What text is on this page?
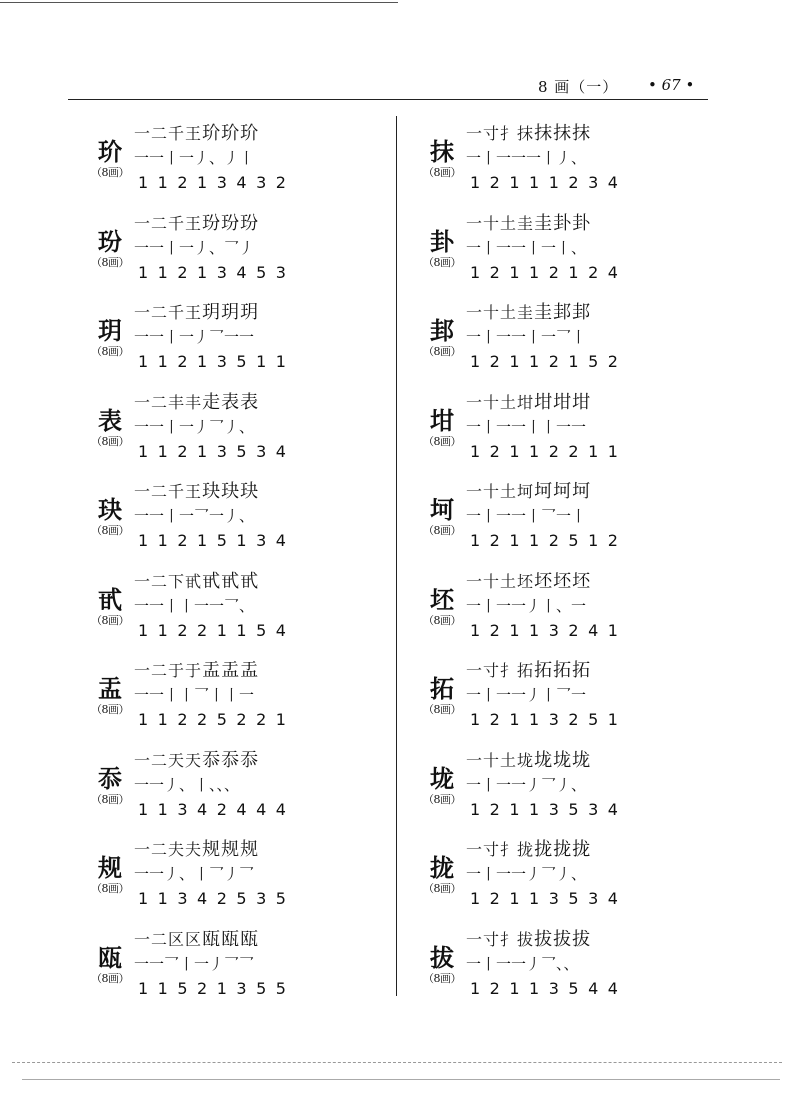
8 画（一） • 67 •
玠
（8画）
一二千王玠玠玠
一一丨一丿、丿丨
11213432
玢
（8画）
一二千王玢玢玢
一一丨一丿、乛丿
11213453
玥
（8画）
一二千王玥玥玥
一一丨一丿乛一一
11213511
表
（8画）
一二丰丰走表表
一一丨一丿乛丿、
11213534
玦
（8画）
一二千王玦玦玦
一一丨一乛一丿、
11215134
甙
（8画）
一二下甙甙甙甙
一一丨丨一一乛、
11221154
盂
（8画）
一二于于盂盂盂
一一丨丨乛丨丨一
11225221
忝
（8画）
一二天天忝忝忝
一一丿、丨、、、
11342444
规
（8画）
一二夫夫规规规
一一丿、丨乛丿乛
11342535
瓯
（8画）
一二区区瓯瓯瓯
一一乛丨一丿乛乛
11521355
抹
（8画）
一寸扌抹抹抹抹
一丨一一一丨丿、
12111234
卦
（8画）
一十土圭圭卦卦
一丨一一丨一丨、
12112124
邽
（8画）
一十土圭圭邽邽
一丨一一丨一乛丨
12112152
坩
（8画）
一十土坩坩坩坩
一丨一一丨丨一一
12112211
坷
（8画）
一十土坷坷坷坷
一丨一一丨乛一丨
12112512
坯
（8画）
一十土坯坯坯坯
一丨一一丿丨、一
12113241
拓
（8画）
一寸扌拓拓拓拓
一丨一一丿丨乛一
12113251
垅
（8画）
一十土垅垅垅垅
一丨一一丿乛丿、
12113534
拢
（8画）
一寸扌拢拢拢拢
一丨一一丿乛丿、
12113534
拔
（8画）
一寸扌拔拔拔拔
一丨一一丿乛、、
12113544
